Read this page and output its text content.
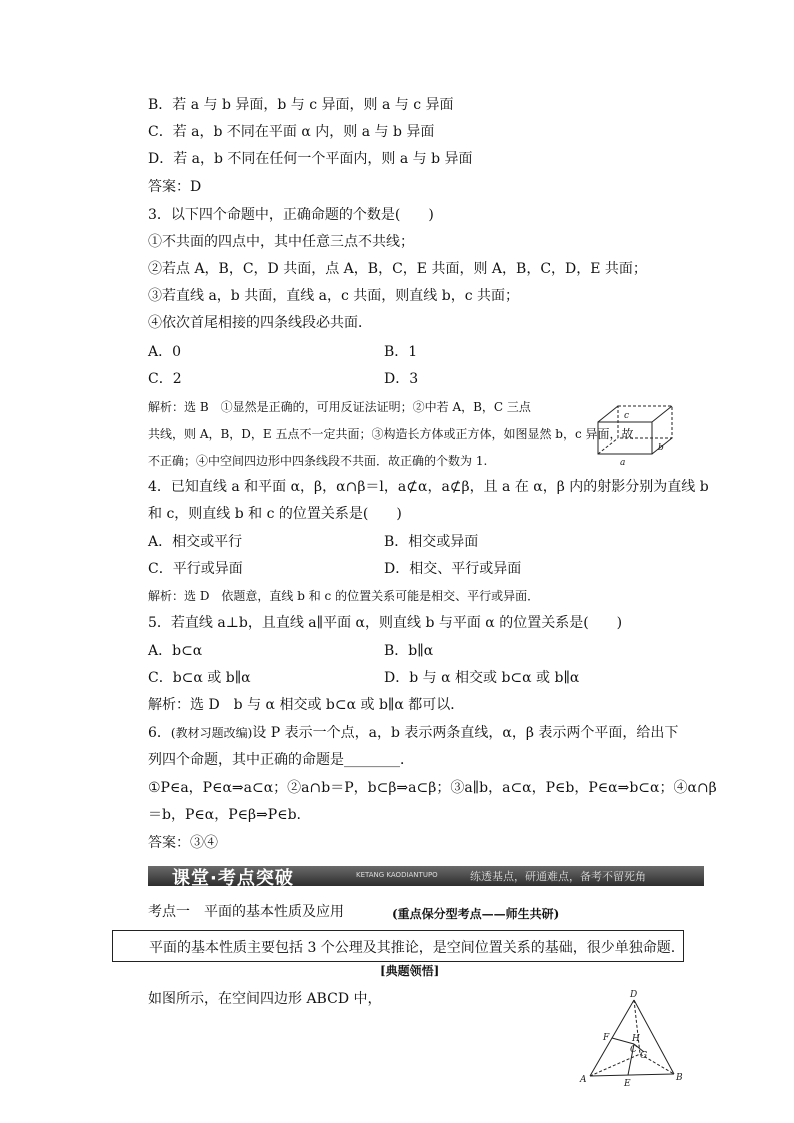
B．若 a 与 b 异面，b 与 c 异面，则 a 与 c 异面
C．若 a，b 不同在平面 α 内，则 a 与 b 异面
D．若 a，b 不同在任何一个平面内，则 a 与 b 异面
答案：D
3．以下四个命题中，正确命题的个数是(　　)
①不共面的四点中，其中任意三点不共线；
②若点 A，B，C，D 共面，点 A，B，C，E 共面，则 A，B，C，D，E 共面；
③若直线 a，b 共面，直线 a，c 共面，则直线 b，c 共面；
④依次首尾相接的四条线段必共面．
A．0	B．1
C．2	D．3
解析：选 B　①显然是正确的，可用反证法证明；②中若 A，B，C 三点
共线，则 A，B，D，E 五点不一定共面；③构造长方体或正方体，如图显然 b，c 异面，故
不正确；④中空间四边形中四条线段不共面．故正确的个数为 1.
c
b
a
4．已知直线 a 和平面 α，β，α∩β＝l，a⊄α，a⊄β，且 a 在 α，β 内的射影分别为直线 b
和 c，则直线 b 和 c 的位置关系是(　　)
A．相交或平行	B．相交或异面
C．平行或异面	D．相交、平行或异面
解析：选 D　依题意，直线 b 和 c 的位置关系可能是相交、平行或异面．
5．若直线 a⊥b，且直线 a∥平面 α，则直线 b 与平面 α 的位置关系是(　　)
A．b⊂α	B．b∥α
C．b⊂α 或 b∥α	D．b 与 α 相交或 b⊂α 或 b∥α
解析：选 D　b 与 α 相交或 b⊂α 或 b∥α 都可以．
6．(教材习题改编)设 P 表示一个点，a，b 表示两条直线，α，β 表示两个平面，给出下
列四个命题，其中正确的命题是________．
①P∈a，P∈α⇒a⊂α；②a∩b＝P，b⊂β⇒a⊂β；③a∥b，a⊂α，P∈b，P∈α⇒b⊂α；④α∩β
＝b，P∈α，P∈β⇒P∈b.
答案：③④
课堂·考点突破	KETANG KAODIANTUPO	练透基点，研通难点，备考不留死角
考点一　平面的基本性质及应用	(重点保分型考点——师生共研)
平面的基本性质主要包括 3 个公理及其推论，是空间位置关系的基础，很少单独命题.
[典题领悟]
如图所示，在空间四边形 ABCD 中，	D
F	H
C
G
A	E
B
